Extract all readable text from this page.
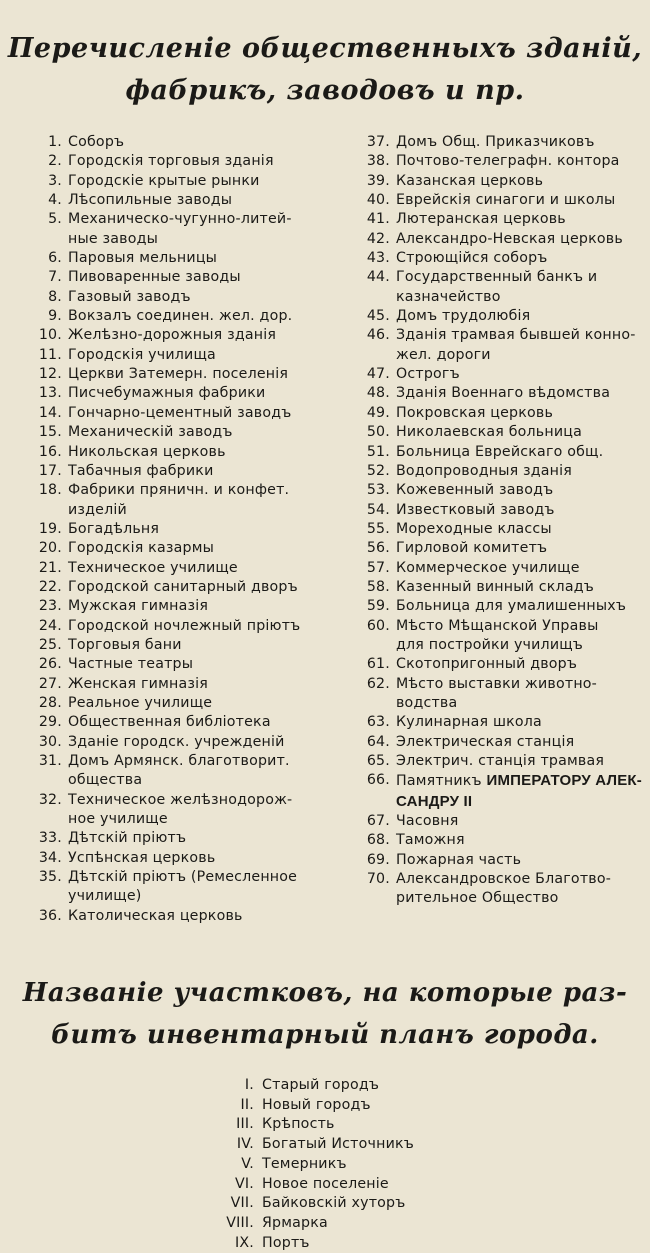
Перечисленіе общественныхъ зданій,
фабрикъ, заводовъ и пр.
1. Соборъ
2. Городскія торговыя зданія
3. Городскіе крытые рынки
4. Лѣсопильные заводы
5. Механическо-чугунно-литей-
ные заводы
6. Паровыя мельницы
7. Пивоваренные заводы
8. Газовый заводъ
9. Вокзалъ соединен. жел. дор.
10. Желѣзно-дорожныя зданія
11. Городскія училища
12. Церкви Затемерн. поселенія
13. Писчебумажныя фабрики
14. Гончарно-цементный заводъ
15. Механическій заводъ
16. Никольская церковь
17. Табачныя фабрики
18. Фабрики пряничн. и конфет.
изделій
19. Богадѣльня
20. Городскія казармы
21. Техническое училище
22. Городской санитарный дворъ
23. Мужская гимназія
24. Городской ночлежный пріютъ
25. Торговыя бани
26. Частные театры
27. Женская гимназія
28. Реальное училище
29. Общественная библіотека
30. Зданіе городск. учрежденій
31. Домъ Армянск. благотворит.
общества
32. Техническое желѣзнодорож-
ное училище
33. Дѣтскій пріютъ
34. Успѣнская церковь
35. Дѣтскій пріютъ (Ремесленное
училище)
36. Католическая церковь
37. Домъ Общ. Приказчиковъ
38. Почтово-телеграфн. контора
39. Казанская церковь
40. Еврейскія синагоги и школы
41. Лютеранская церковь
42. Александро-Невская церковь
43. Строющійся соборъ
44. Государственный банкъ и
казначейство
45. Домъ трудолюбія
46. Зданія трамвая бывшей конно-
жел. дороги
47. Острогъ
48. Зданія Военнаго вѣдомства
49. Покровская церковь
50. Николаевская больница
51. Больница Еврейскаго общ.
52. Водопроводныя зданія
53. Кожевенный заводъ
54. Известковый заводъ
55. Мореходные классы
56. Гирловой комитетъ
57. Коммерческое училище
58. Казенный винный складъ
59. Больница для умалишенныхъ
60. Мѣсто Мѣщанской Управы
для постройки училищъ
61. Скотопригонный дворъ
62. Мѣсто выставки животно-
водства
63. Кулинарная школа
64. Электрическая станція
65. Электрич. станція трамвая
66. Памятникъ ИМПЕРАТОРУ АЛЕК-
САНДРУ II
67. Часовня
68. Таможня
69. Пожарная часть
70. Александровское Благотво-
рительное Общество
Названіе участковъ, на которые раз-
битъ инвентарный планъ города.
I. Старый городъ
II. Новый городъ
III. Крѣпость
IV. Богатый Источникъ
V. Темерникъ
VI. Новое поселеніе
VII. Байковскій хуторъ
VIII. Ярмарка
IX. Портъ
